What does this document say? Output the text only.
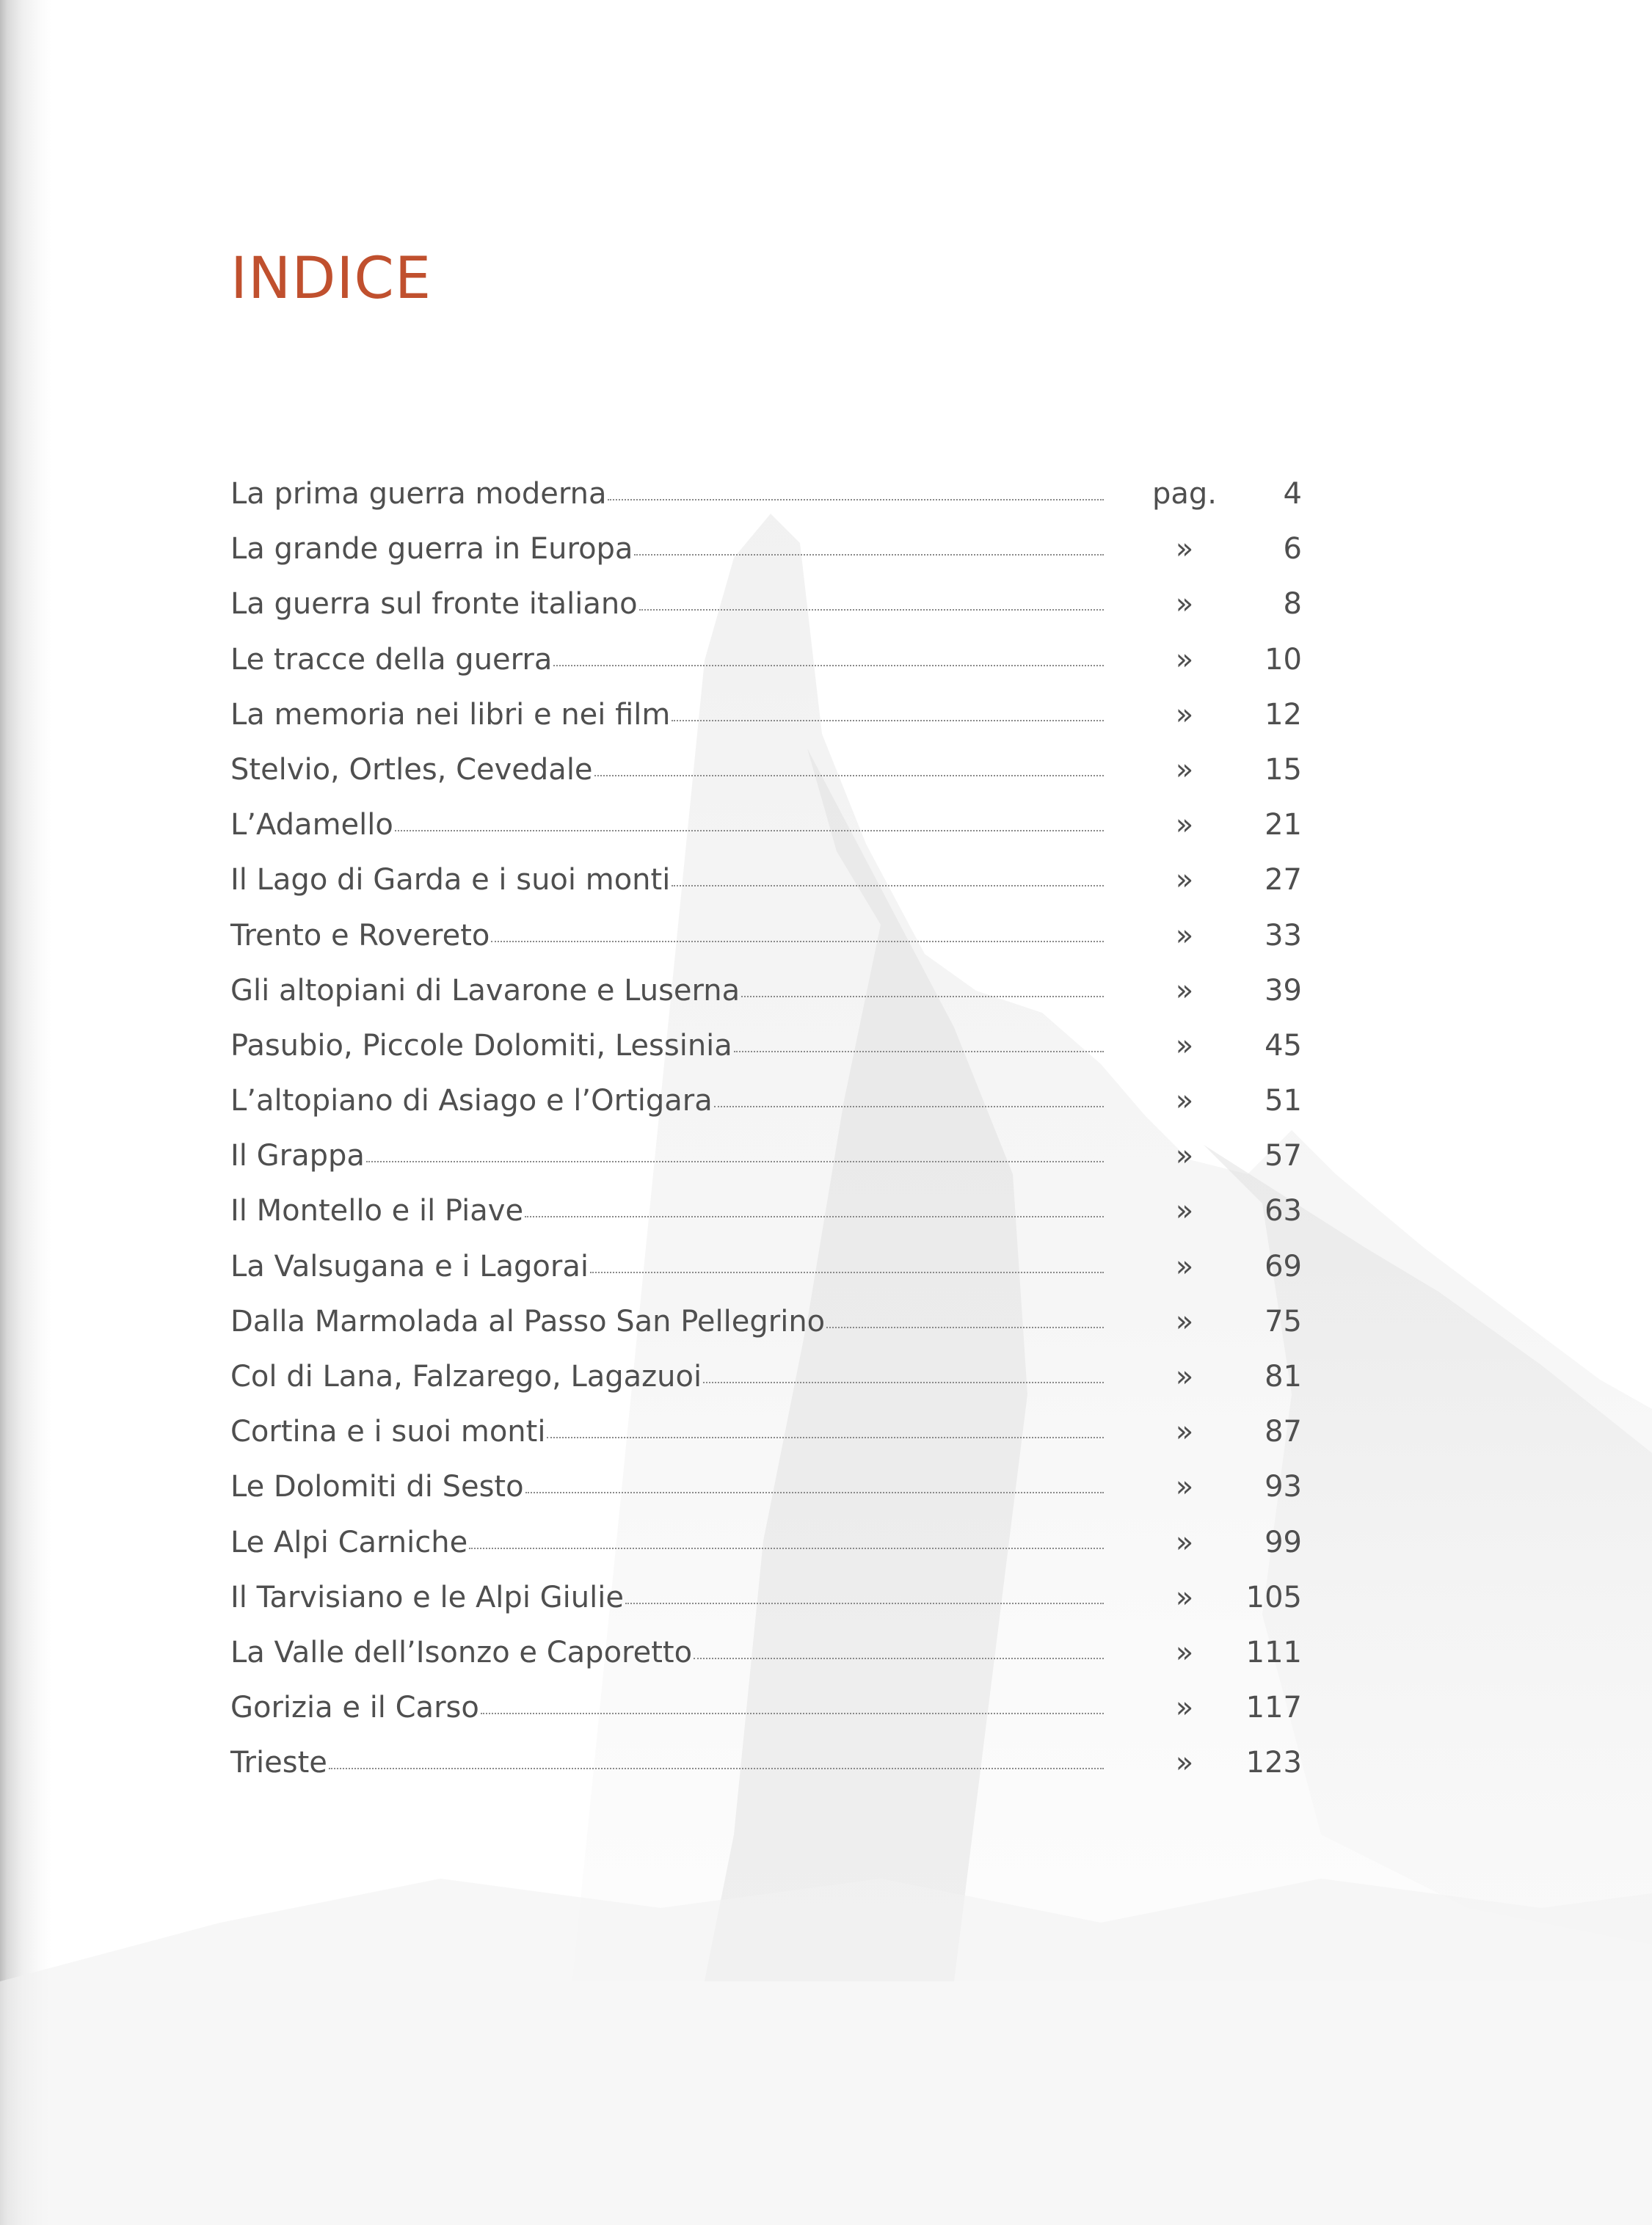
INDICE
La prima guerra moderna	pag.	4
La grande guerra in Europa	»	6
La guerra sul fronte italiano	»	8
Le tracce della guerra	»	10
La memoria nei libri e nei film	»	12
Stelvio, Ortles, Cevedale	»	15
L’Adamello	»	21
Il Lago di Garda e i suoi monti	»	27
Trento e Rovereto	»	33
Gli altopiani di Lavarone e Luserna	»	39
Pasubio, Piccole Dolomiti, Lessinia	»	45
L’altopiano di Asiago e l’Ortigara	»	51
Il Grappa	»	57
Il Montello e il Piave	»	63
La Valsugana e i Lagorai	»	69
Dalla Marmolada al Passo San Pellegrino	»	75
Col di Lana, Falzarego, Lagazuoi	»	81
Cortina e i suoi monti	»	87
Le Dolomiti di Sesto	»	93
Le Alpi Carniche	»	99
Il Tarvisiano e le Alpi Giulie	»	105
La Valle dell’Isonzo e Caporetto	»	111
Gorizia e il Carso	»	117
Trieste	»	123
